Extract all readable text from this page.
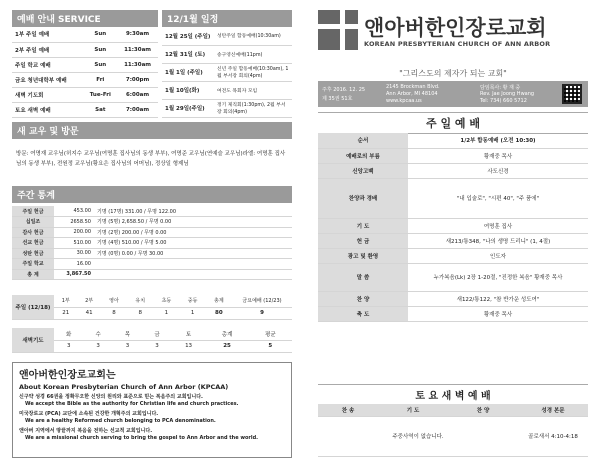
예배 안내 SERVICE
1부 주일 예배	Sun	9:30am
2부 주일 예배	Sun	11:30am
주일 학교 예배	Sun	11:30am
금요 청년대학부 예배	Fri	7:00pm
새벽 기도회	Tue-Fri	6:00am
토요 새벽 예배	Sat	7:00am
12/1월 일정
12월 25일 (주일)	성탄주일 합동예배(10:30am)
12월 31일 (토)	송구영신예배(11pm)
1월 1일 (주일)	신년 주일 합동예배(10:30am), 1월 부서장 회의(4pm)
1월 10일(화)	여전도 목회자 모임
1월 29일(주일)	정기 제직회(1:30pm), 2월 부서장 회의(4pm)
새 교우 및 방문
방문: 여명재 교우님(허지수 교우님(여명훈 집사님의 동생 부부), 여명준 교우님(연예슬 교우님)라엘: 여명훈 집사님의 동생 부부), 전원정 교우님(황요은 집사님의 어머님), 정상일 형제님
주간 통계
주일 헌금	453.00	기명 (17명) 331.00 / 무명 122.00
십일조	2658.50	기명 (5명) 2,658.50 / 무명 0.00
감사 헌금	200.00	기명 (2명) 200.00 / 무명 0.00
선교 헌금	510.00	기명 (4명) 510.00 / 무명 5.00
성탄 헌금	30.00	기명 (0명) 0.00 / 무명 30.00
주일 학교	16.00	
총 계	3,867.50	
주일 (12/18)	1부	2부	영아	유치	초등	중등	총계	금요예배 (12/23)
	21	41	8	8	1	1	80	9
새벽기도	화	수	목	금	토	총계	평균
	3	3	3	3	13	25	5
앤아버한인장로교회는
About Korean Presbyterian Church of Ann Arbor (KPCAA)
신구약 성경 66권을 정확무오한 신앙의 원리와 표준으로 믿는 복음주의 교회입니다.
We accept the Bible as the authority for Christian life and church practices.
미국장로교 (PCA) 교단에 소속된 건강한 개혁주의 교회입니다.
We are a healthy Reformed church belonging to PCA denomination.
앤아버 지역에서 땅끝까지 복음을 전하는 선교적 교회입니다.
We are a missional church serving to bring the gospel to Ann Arbor and the world.
앤아버한인장로교회
KOREAN PRESBYTERIAN CHURCH OF ANN ARBOR
"그리스도의 제자가 되는 교회"
주후 2016. 12. 25
제 35권 51호
2145 Brockman Blvd.
Ann Arbor, MI 48104
www.kpcaa.us
담임목사: 황 재 중
Rev. Jae Joong Hwang
Tel: 734) 660 5712
주 일 예 배
순서	1/2부 합동예배 (오전 10:30)
예배로의 부름	황재중 목사
신앙고백	사도신경
찬양과 경배	"내 입술로", "시편 40", "주 품에"
기 도	여명훈 집사
헌 금	새213/통348, "나의 생명 드리니" (1, 4절)
광고 및 환영	인도자
말 씀	누가복음(Lk) 2장 1-20절, "진정한 복음" 황재중 목사
찬 양	새122/통122, "참 반가운 성도여"
축 도	황재중 목사
토 요 새 벽 예 배
찬 송	기 도	찬 양	성경 본문
주중사역이 없습니다.			골로새서 4:10-4:18
